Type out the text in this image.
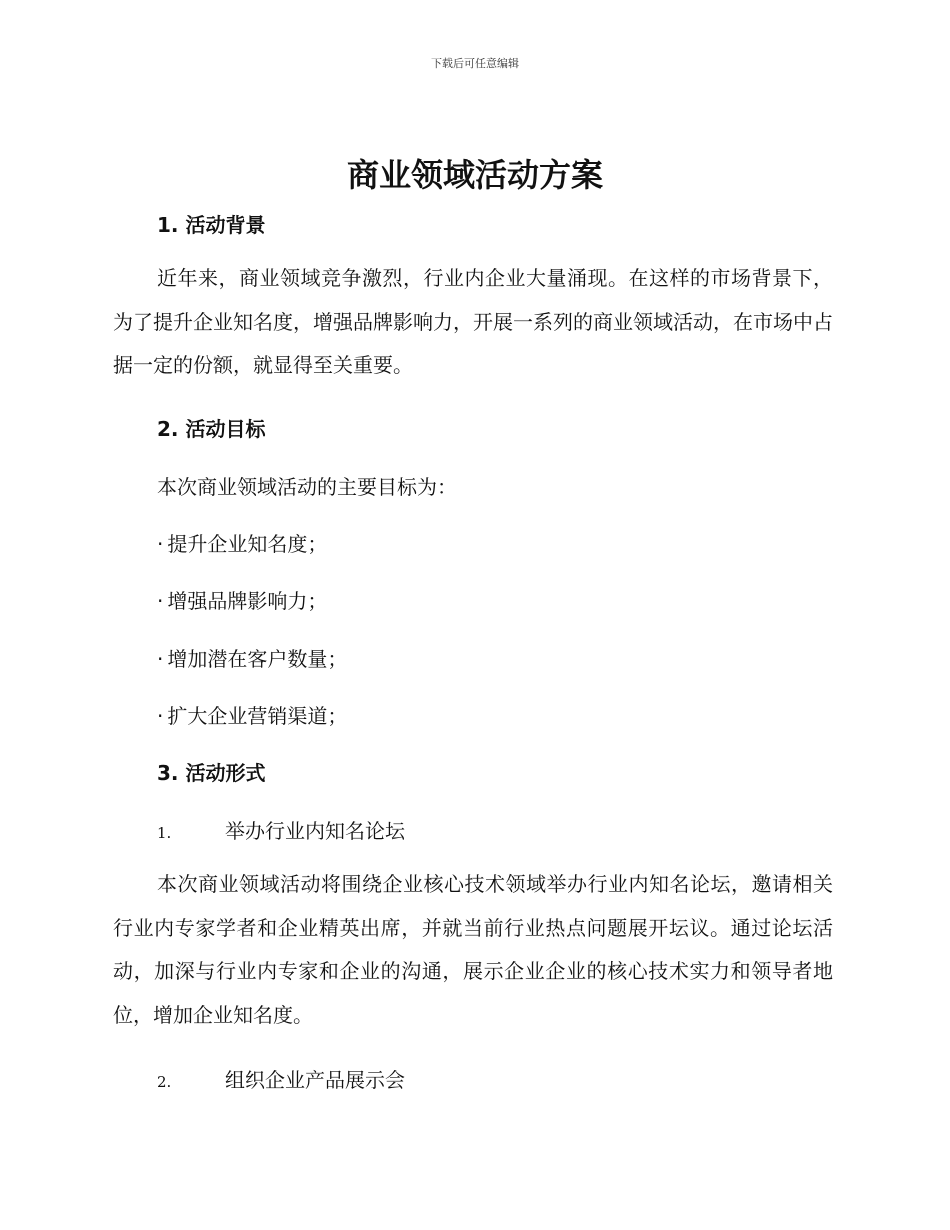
下载后可任意编辑
商业领域活动方案
1. 活动背景

近年来，商业领域竞争激烈，行业内企业大量涌现。在这样的市场背景下，为了提升企业知名度，增强品牌影响力，开展一系列的商业领域活动，在市场中占据一定的份额，就显得至关重要。

2. 活动目标

本次商业领域活动的主要目标为：

· 提升企业知名度；

· 增强品牌影响力；

· 增加潜在客户数量；

· 扩大企业营销渠道；

3. 活动形式

1.	举办行业内知名论坛

本次商业领域活动将围绕企业核心技术领域举办行业内知名论坛，邀请相关行业内专家学者和企业精英出席，并就当前行业热点问题展开坛议。通过论坛活动，加深与行业内专家和企业的沟通，展示企业企业的核心技术实力和领导者地位，增加企业知名度。

2.	组织企业产品展示会
